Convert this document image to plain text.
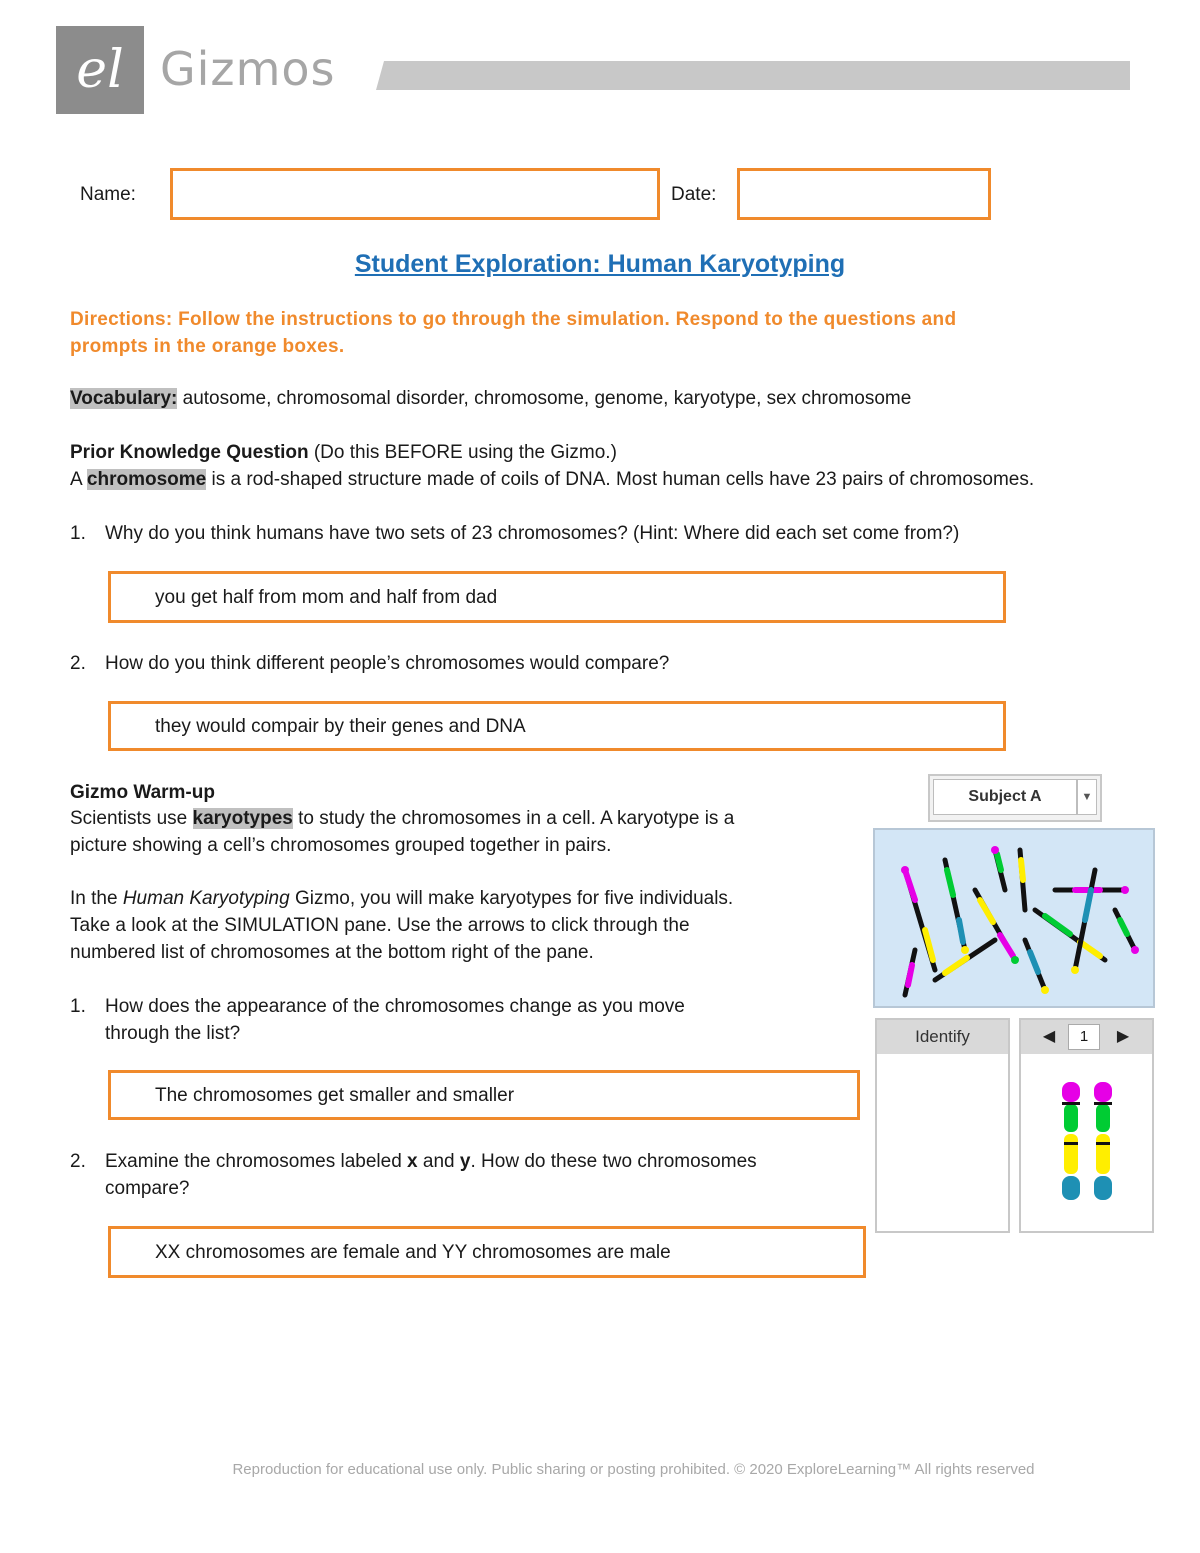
el Gizmos
Name:	Date:
Student Exploration: Human Karyotyping
Directions: Follow the instructions to go through the simulation. Respond to the questions and
prompts in the orange boxes.
Vocabulary: autosome, chromosomal disorder, chromosome, genome, karyotype, sex chromosome
Prior Knowledge Question (Do this BEFORE using the Gizmo.)
A chromosome is a rod-shaped structure made of coils of DNA. Most human cells have 23 pairs of chromosomes.
1. Why do you think humans have two sets of 23 chromosomes? (Hint: Where did each set come from?)
you get half from mom and half from dad
2. How do you think different people’s chromosomes would compare?
they would compair by their genes and DNA
Gizmo Warm-up
Scientists use karyotypes to study the chromosomes in a cell. A karyotype is a
picture showing a cell’s chromosomes grouped together in pairs.
In the Human Karyotyping Gizmo, you will make karyotypes for five individuals.
Take a look at the SIMULATION pane. Use the arrows to click through the
numbered list of chromosomes at the bottom right of the pane.
1. How does the appearance of the chromosomes change as you move
through the list?
The chromosomes get smaller and smaller
2. Examine the chromosomes labeled x and y. How do these two chromosomes
compare?
XX chromosomes are female and YY chromosomes are male
Subject A	▼
Identify	◀	1	▶
Reproduction for educational use only. Public sharing or posting prohibited. © 2020 ExploreLearning™ All rights reserved
